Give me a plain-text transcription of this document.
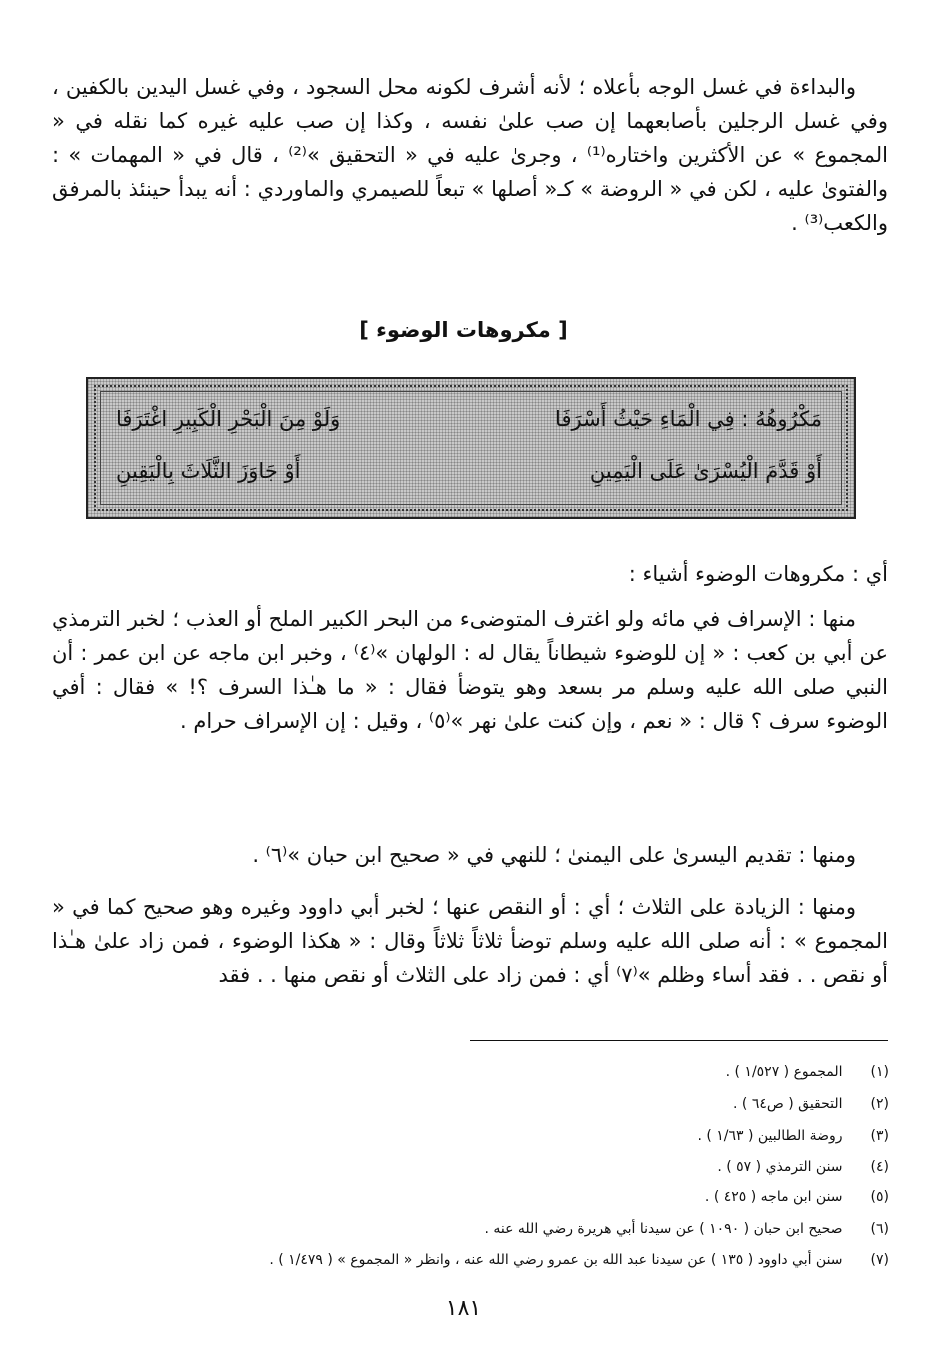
والبداءة في غسل الوجه بأعلاه ؛ لأنه أشرف لكونه محل السجود ، وفي غسل اليدين بالكفين ، وفي غسل الرجلين بأصابعهما إن صب علىٰ نفسه ، وكذا إن صب عليه غيره كما نقله في « المجموع » عن الأكثرين واختاره⁽¹⁾ ، وجرىٰ عليه في « التحقيق »⁽²⁾ ، قال في « المهمات » : والفتوىٰ عليه ، لكن في « الروضة » كـ« أصلها » تبعاً للصيمري والماوردي : أنه يبدأ حينئذ بالمرفق والكعب⁽³⁾ .

[ مكروهات الوضوء ]
مَكْرُوهُهُ : فِي الْمَاءِ حَيْثُ أَسْرَفَا
وَلَوْ مِنَ الْبَحْرِ الْكَبِيرِ اغْتَرَفَا
أَوْ قَدَّمَ الْيُسْرَىٰ عَلَى الْيَمِينِ
أَوْ جَاوَزَ الثَّلَاثَ بِالْيَقِينِ

أي : مكروهات الوضوء أشياء :

منها : الإسراف في مائه ولو اغترف المتوضىء من البحر الكبير الملح أو العذب ؛ لخبر الترمذي عن أبي بن كعب : « إن للوضوء شيطاناً يقال له : الولهان »⁽٤⁾ ، وخبر ابن ماجه عن ابن عمر : أن النبي صلى الله عليه وسلم مر بسعد وهو يتوضأ فقال : « ما هـٰذا السرف ؟! » فقال : أفي الوضوء سرف ؟ قال : « نعم ، وإن كنت علىٰ نهر »⁽٥⁾ ، وقيل : إن الإسراف حرام .

ومنها : تقديم اليسرىٰ على اليمنىٰ ؛ للنهي في « صحيح ابن حبان »⁽٦⁾ .

ومنها : الزيادة على الثلاث ؛ أي : أو النقص عنها ؛ لخبر أبي داوود وغيره وهو صحيح كما في « المجموع » : أنه صلى الله عليه وسلم توضأ ثلاثاً ثلاثاً وقال : « هكذا الوضوء ، فمن زاد علىٰ هـٰذا أو نقص . . فقد أساء وظلم »⁽٧⁾ أي : فمن زاد على الثلاث أو نقص منها . . فقد

(١) المجموع ( ١/٥٢٧ ) .
(٢) التحقيق ( ص٦٤ ) .
(٣) روضة الطالبين ( ١/٦٣ ) .
(٤) سنن الترمذي ( ٥٧ ) .
(٥) سنن ابن ماجه ( ٤٢٥ ) .
(٦) صحيح ابن حبان ( ١٠٩٠ ) عن سيدنا أبي هريرة رضي الله عنه .
(٧) سنن أبي داوود ( ١٣٥ ) عن سيدنا عبد الله بن عمرو رضي الله عنه ، وانظر « المجموع » ( ١/٤٧٩ ) .
١٨١
